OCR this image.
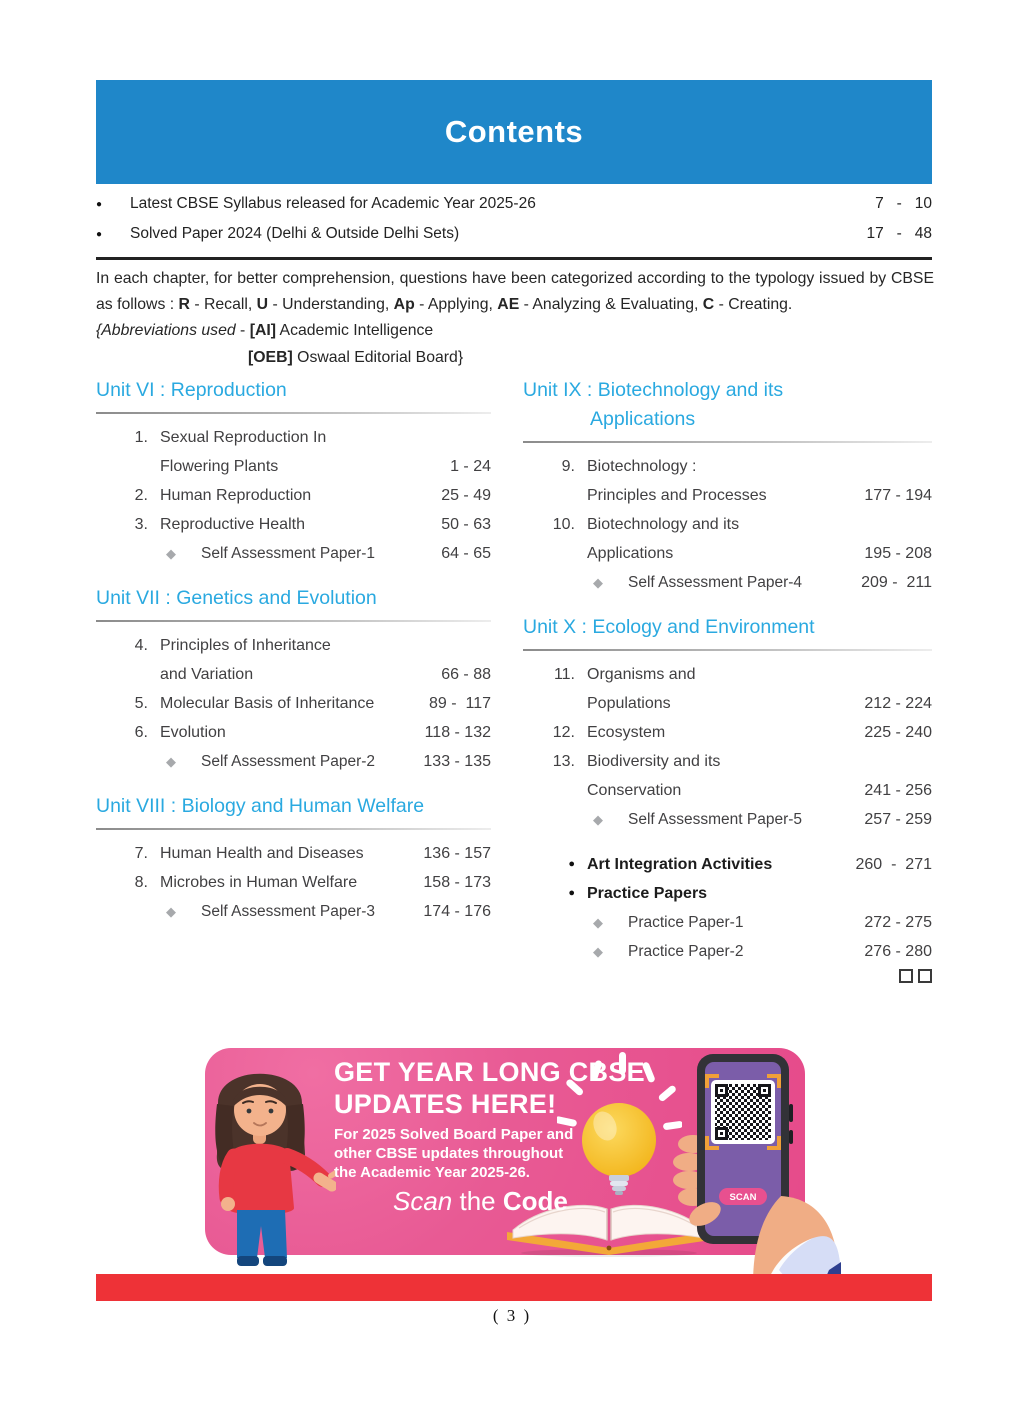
Contents
●	Latest CBSE Syllabus released for Academic Year 2025-26	7   -   10
●	Solved Paper 2024 (Delhi & Outside Delhi Sets)	17   -   48
In each chapter, for better comprehension, questions have been categorized according to the typology issued by CBSE as follows : R - Recall, U - Understanding, Ap - Applying, AE - Analyzing & Evaluating, C - Creating.
{Abbreviations used - [AI] Academic Intelligence
[OEB] Oswaal Editorial Board}
Unit VI : Reproduction
1. Sexual Reproduction In
Flowering Plants	1 - 24
2. Human Reproduction	25 - 49
3. Reproductive Health	50 - 63
◆	Self Assessment Paper-1	64 - 65
Unit VII : Genetics and Evolution
4. Principles of Inheritance
and Variation	66 - 88
5. Molecular Basis of Inheritance	89 -  117
6. Evolution	118 - 132
◆	Self Assessment Paper-2	133 - 135
Unit VIII : Biology and Human Welfare
7. Human Health and Diseases	136 - 157
8. Microbes in Human Welfare	158 - 173
◆	Self Assessment Paper-3	174 - 176
Unit IX : Biotechnology and its
Applications
9. Biotechnology :
Principles and Processes	177 - 194
10. Biotechnology and its
Applications	195 - 208
◆	Self Assessment Paper-4	209 -  211
Unit X : Ecology and Environment
11. Organisms and
Populations	212 - 224
12. Ecosystem	225 - 240
13. Biodiversity and its
Conservation	241 - 256
◆	Self Assessment Paper-5	257 - 259
● Art Integration Activities	260  -  271
● Practice Papers
◆	Practice Paper-1	272 - 275
◆	Practice Paper-2	276 - 280
SCAN
GET YEAR LONG CBSE
UPDATES HERE!
For 2025 Solved Board Paper and
other CBSE updates throughout
the Academic Year 2025-26.
Scan the Code
( 3 )
